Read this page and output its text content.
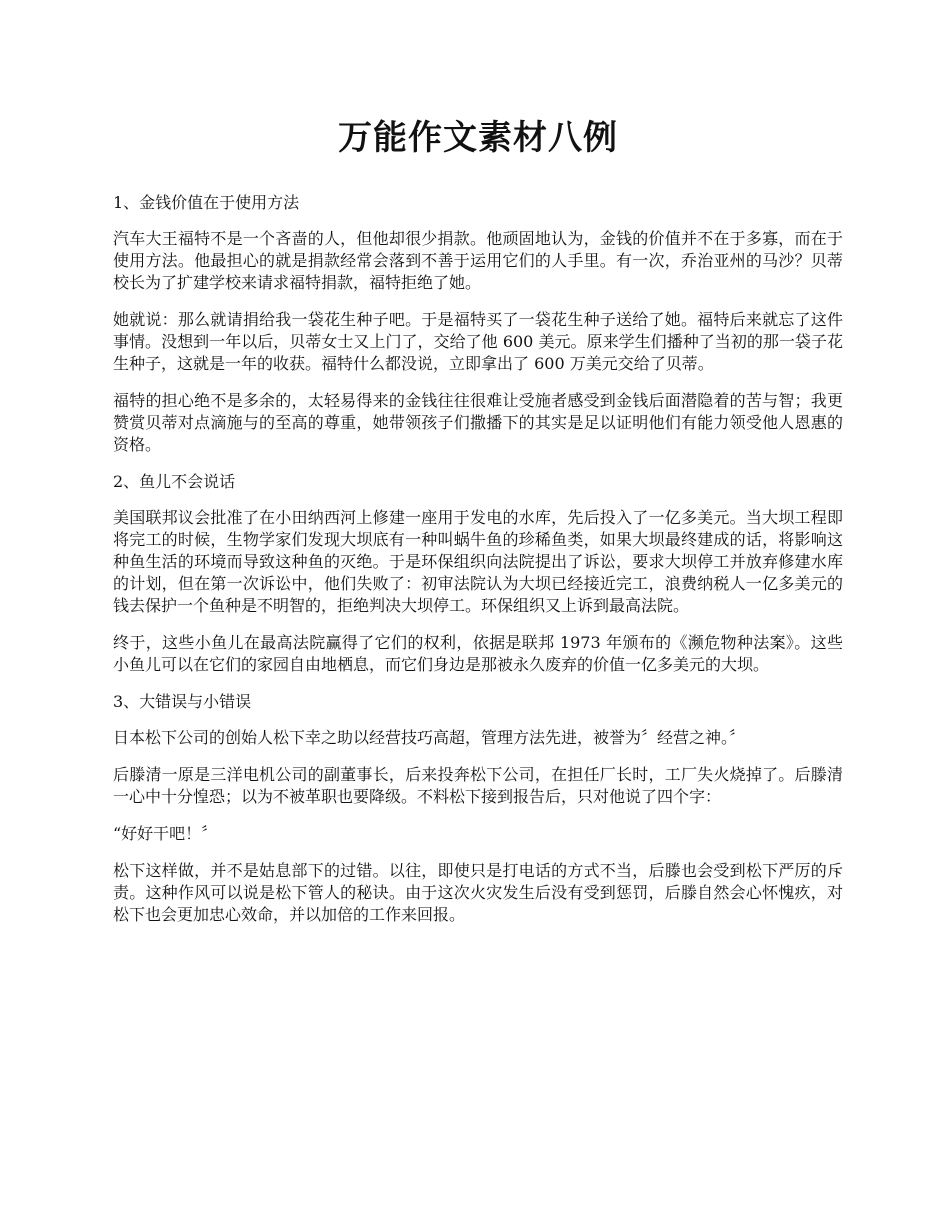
万能作文素材八例

1、金钱价值在于使用方法

汽车大王福特不是一个吝啬的人，但他却很少捐款。他顽固地认为，金钱的价值并不在于多寡，而在于使用方法。他最担心的就是捐款经常会落到不善于运用它们的人手里。有一次，乔治亚州的马沙？贝蒂校长为了扩建学校来请求福特捐款，福特拒绝了她。

她就说：那么就请捐给我一袋花生种子吧。于是福特买了一袋花生种子送给了她。福特后来就忘了这件事情。没想到一年以后，贝蒂女士又上门了，交给了他 600 美元。原来学生们播种了当初的那一袋子花生种子，这就是一年的收获。福特什么都没说，立即拿出了 600 万美元交给了贝蒂。

福特的担心绝不是多余的，太轻易得来的金钱往往很难让受施者感受到金钱后面潜隐着的苦与智；我更赞赏贝蒂对点滴施与的至高的尊重，她带领孩子们撒播下的其实是足以证明他们有能力领受他人恩惠的资格。

2、鱼儿不会说话

美国联邦议会批准了在小田纳西河上修建一座用于发电的水库，先后投入了一亿多美元。当大坝工程即将完工的时候，生物学家们发现大坝底有一种叫蜗牛鱼的珍稀鱼类，如果大坝最终建成的话，将影响这种鱼生活的环境而导致这种鱼的灭绝。于是环保组织向法院提出了诉讼，要求大坝停工并放弃修建水库的计划，但在第一次诉讼中，他们失败了：初审法院认为大坝已经接近完工，浪费纳税人一亿多美元的钱去保护一个鱼种是不明智的，拒绝判决大坝停工。环保组织又上诉到最高法院。

终于，这些小鱼儿在最高法院赢得了它们的权利，依据是联邦 1973 年颁布的《濒危物种法案》。这些小鱼儿可以在它们的家园自由地栖息，而它们身边是那被永久废弃的价值一亿多美元的大坝。

3、大错误与小错误

日本松下公司的创始人松下幸之助以经营技巧高超，管理方法先进，被誉为〞经营之神。〞

后滕清一原是三洋电机公司的副董事长，后来投奔松下公司，在担任厂长时，工厂失火烧掉了。后滕清一心中十分惶恐；以为不被革职也要降级。不料松下接到报告后，只对他说了四个字：

“好好干吧！〞

松下这样做，并不是姑息部下的过错。以往，即使只是打电话的方式不当，后滕也会受到松下严厉的斥责。这种作风可以说是松下管人的秘诀。由于这次火灾发生后没有受到惩罚，后滕自然会心怀愧疚，对松下也会更加忠心效命，并以加倍的工作来回报。
